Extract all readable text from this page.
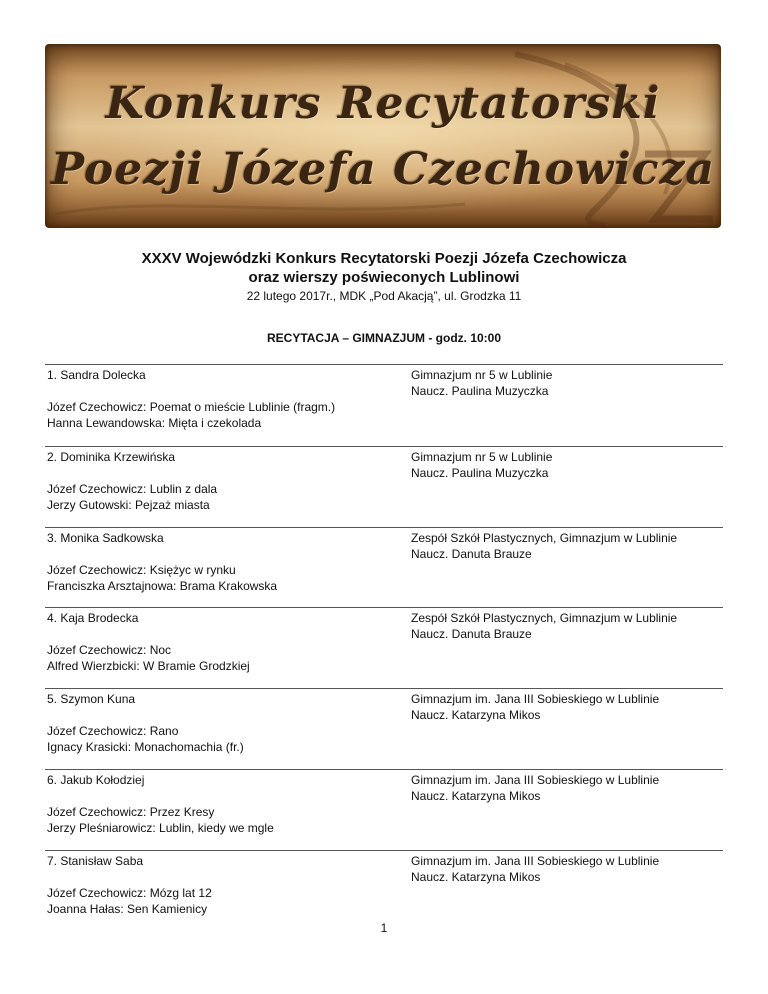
Konkurs Recytatorski
Poezji Józefa Czechowicza
XXXV Wojewódzki Konkurs Recytatorski Poezji Józefa Czechowicza
oraz wierszy poświeconych Lublinowi
22 lutego 2017r., MDK „Pod Akacją”, ul. Grodzka 11
RECYTACJA – GIMNAZJUM - godz. 10:00
1. Sandra Dolecka	Gimnazjum nr 5 w Lublinie
Naucz. Paulina Muzyczka
Józef Czechowicz: Poemat o mieście Lublinie (fragm.)
Hanna Lewandowska: Mięta i czekolada
2. Dominika Krzewińska	Gimnazjum nr 5 w Lublinie
Naucz. Paulina Muzyczka
Józef Czechowicz: Lublin z dala
Jerzy Gutowski: Pejzaż miasta
3. Monika Sadkowska	Zespół Szkół Plastycznych, Gimnazjum w Lublinie
Naucz. Danuta Brauze
Józef Czechowicz: Księżyc w rynku
Franciszka Arsztajnowa: Brama Krakowska
4. Kaja Brodecka	Zespół Szkół Plastycznych, Gimnazjum w Lublinie
Naucz. Danuta Brauze
Józef Czechowicz: Noc
Alfred Wierzbicki: W Bramie Grodzkiej
5. Szymon Kuna	Gimnazjum im. Jana III Sobieskiego w Lublinie
Naucz. Katarzyna Mikos
Józef Czechowicz: Rano
Ignacy Krasicki: Monachomachia (fr.)
6. Jakub Kołodziej	Gimnazjum im. Jana III Sobieskiego w Lublinie
Naucz. Katarzyna Mikos
Józef Czechowicz: Przez Kresy
Jerzy Pleśniarowicz: Lublin, kiedy we mgle
7. Stanisław Saba	Gimnazjum im. Jana III Sobieskiego w Lublinie
Naucz. Katarzyna Mikos
Józef Czechowicz: Mózg lat 12
Joanna Hałas: Sen Kamienicy
1
